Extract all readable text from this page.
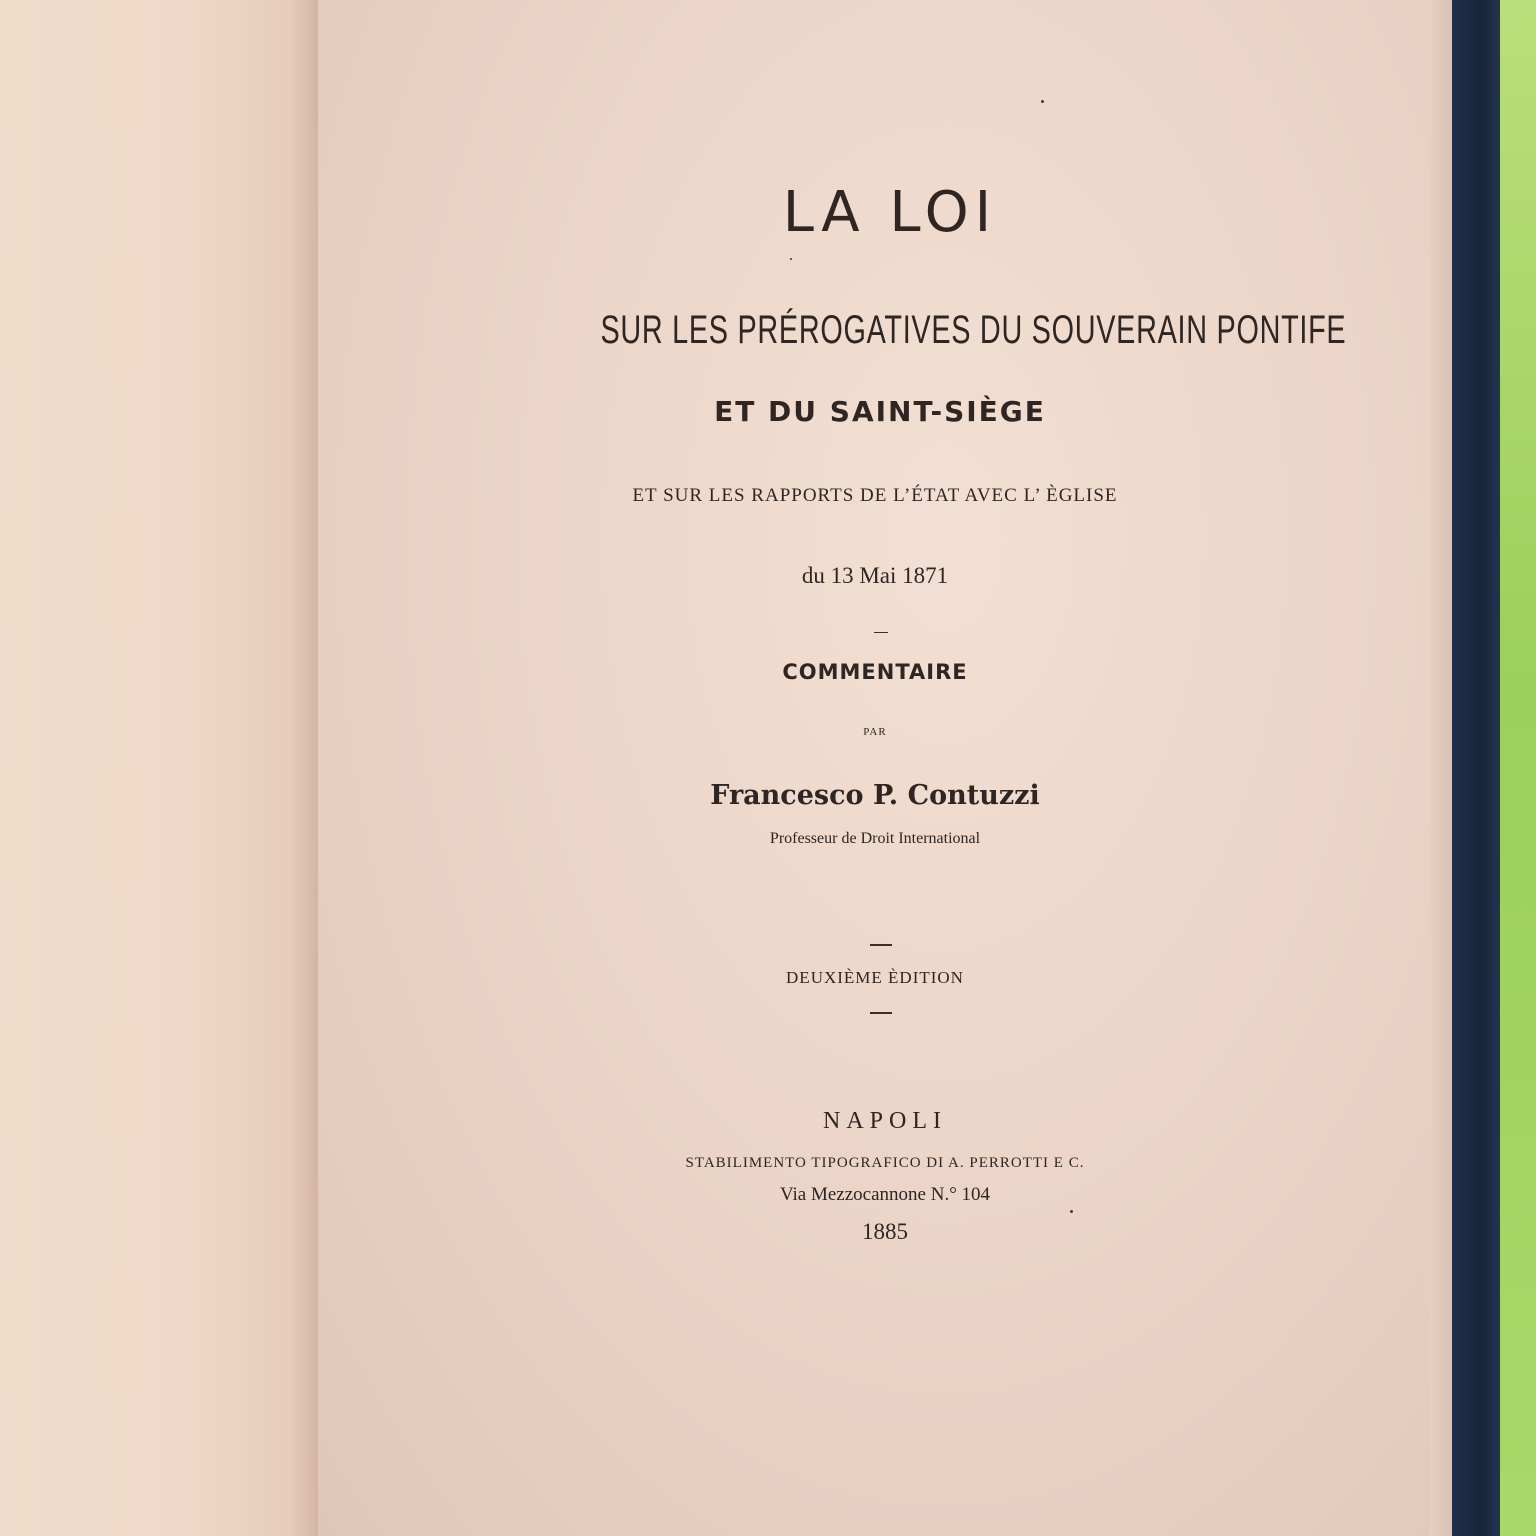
LA LOI
SUR LES PRÉROGATIVES DU SOUVERAIN PONTIFE
ET DU SAINT-SIÈGE
ET SUR LES RAPPORTS DE L’ÉTAT AVEC L’ ÈGLISE
du 13 Mai 1871
COMMENTAIRE
PAR
Francesco P. Contuzzi
Professeur de Droit International
DEUXIÈME ÈDITION
NAPOLI
STABILIMENTO TIPOGRAFICO DI A. PERROTTI E C.
Via Mezzocannone N.° 104
1885
